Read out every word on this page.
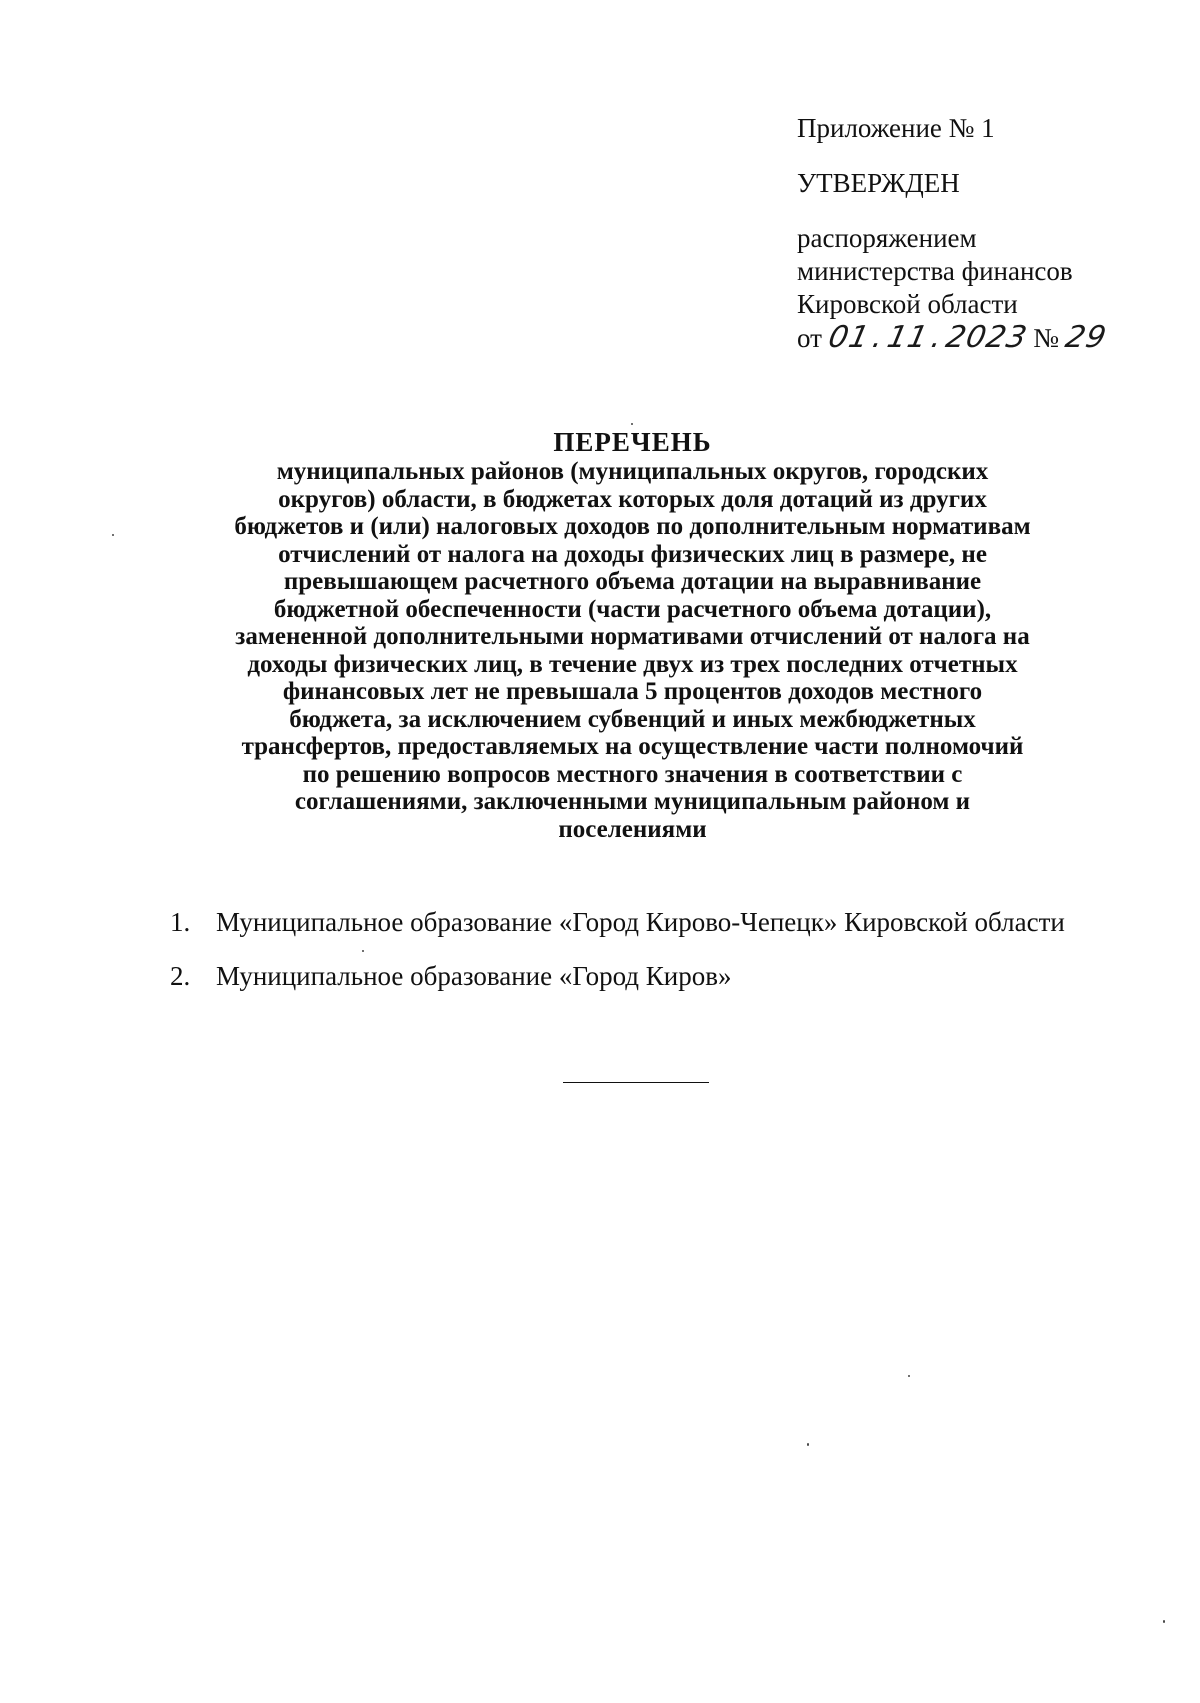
Приложение № 1
УТВЕРЖДЕН
распоряжением
министерства финансов
Кировской области
от 01.11.2023 № 29

ПЕРЕЧЕНЬ

муниципальных районов (муниципальных округов, городских
округов) области, в бюджетах которых доля дотаций из других
бюджетов и (или) налоговых доходов по дополнительным нормативам
отчислений от налога на доходы физических лиц в размере, не
превышающем расчетного объема дотации на выравнивание
бюджетной обеспеченности (части расчетного объема дотации),
замененной дополнительными нормативами отчислений от налога на
доходы физических лиц, в течение двух из трех последних отчетных
финансовых лет не превышала 5 процентов доходов местного
бюджета, за исключением субвенций и иных межбюджетных
трансфертов, предоставляемых на осуществление части полномочий
по решению вопросов местного значения в соответствии с
соглашениями, заключенными муниципальным районом и
поселениями
1. Муниципальное образование «Город Кирово-Чепецк» Кировской области
2. Муниципальное образование «Город Киров»
